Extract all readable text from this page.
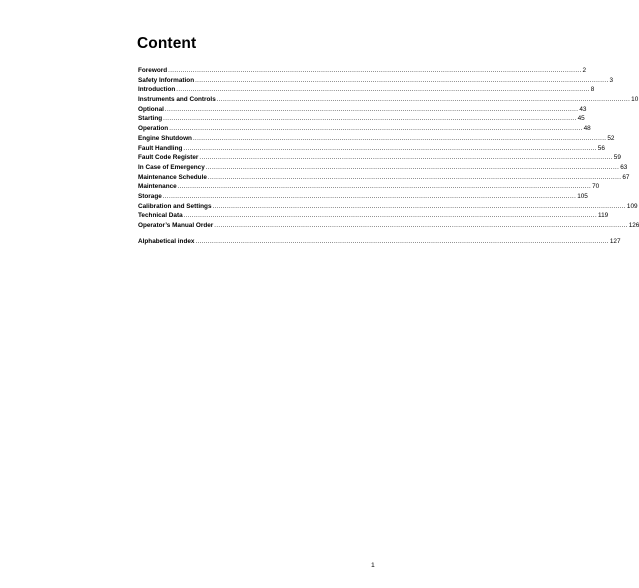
Content
Foreword ........................................................................................................................................................................................................ 2
Safety Information ........................................................................................................................................................................................................ 3
Introduction ........................................................................................................................................................................................................ 8
Instruments and Controls ........................................................................................................................................................................................................ 10
Optional ........................................................................................................................................................................................................ 43
Starting ........................................................................................................................................................................................................ 45
Operation ........................................................................................................................................................................................................ 48
Engine Shutdown ........................................................................................................................................................................................................ 52
Fault Handling ........................................................................................................................................................................................................ 56
Fault Code Register ........................................................................................................................................................................................................ 59
In Case of Emergency ........................................................................................................................................................................................................ 63
Maintenance Schedule ........................................................................................................................................................................................................ 67
Maintenance ........................................................................................................................................................................................................ 70
Storage ........................................................................................................................................................................................................ 105
Calibration and Settings ........................................................................................................................................................................................................ 109
Technical Data ........................................................................................................................................................................................................ 119
Operator’s Manual Order ........................................................................................................................................................................................................ 126
Alphabetical index ........................................................................................................................................................................................................ 127
1
